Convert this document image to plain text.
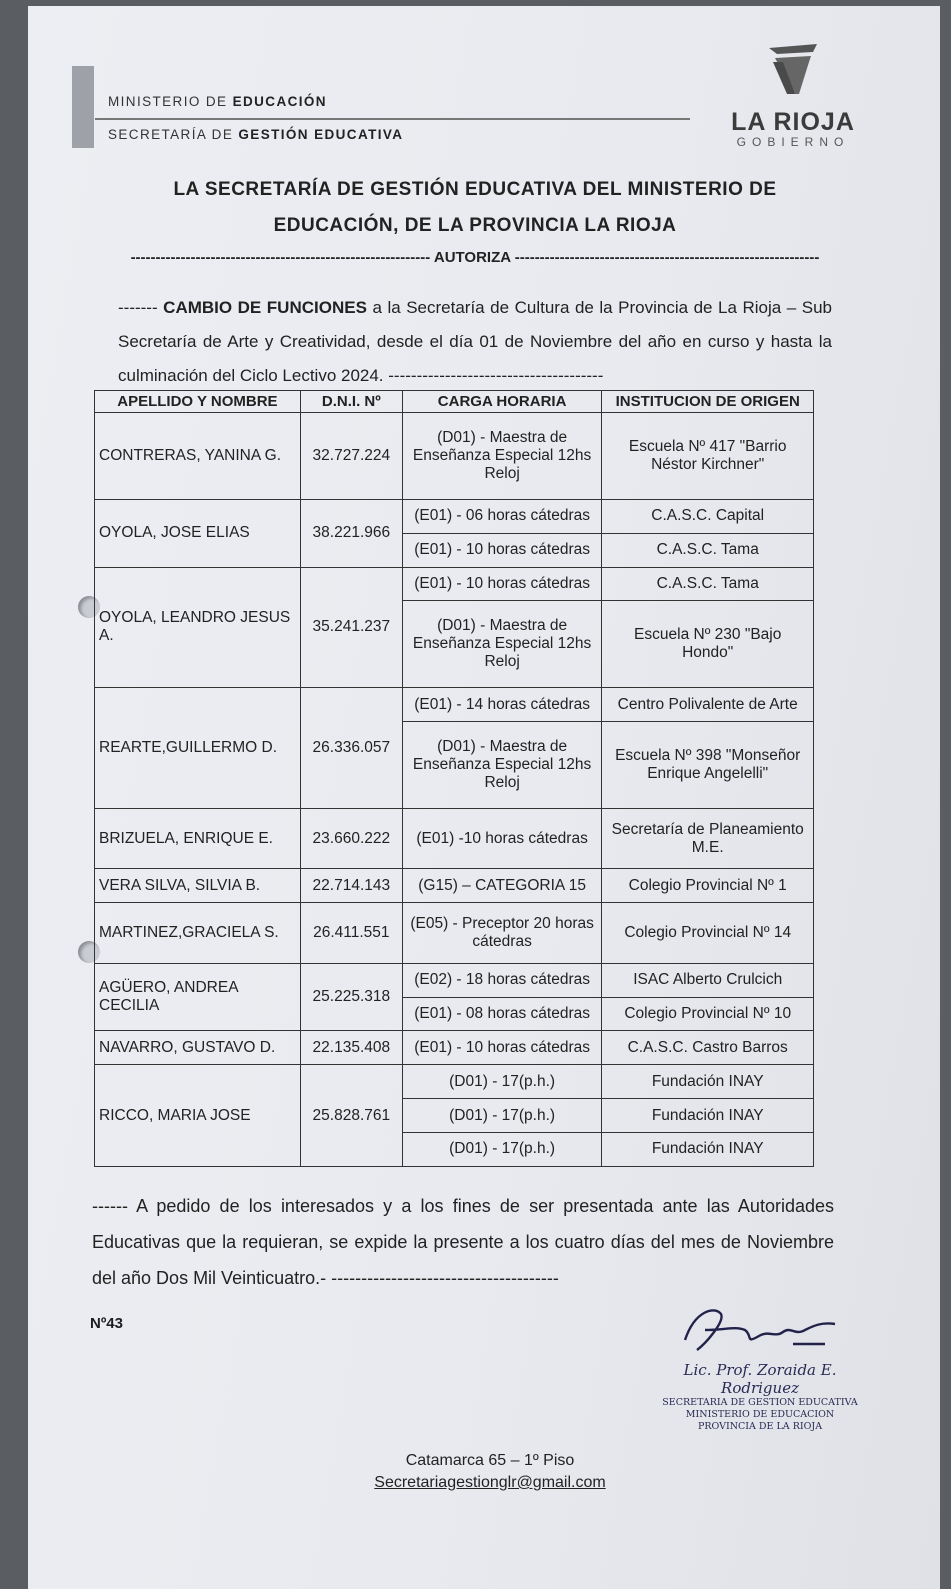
MINISTERIO DE EDUCACIÓN
SECRETARÍA DE GESTIÓN EDUCATIVA	LA RIOJA
GOBIERNO
LA SECRETARÍA DE GESTIÓN EDUCATIVA DEL MINISTERIO DE EDUCACIÓN, DE LA PROVINCIA LA RIOJA
------------------------------------------------------------ AUTORIZA -------------------------------------------------------------
------- CAMBIO DE FUNCIONES a la Secretaría de Cultura de la Provincia de La Rioja – Sub Secretaría de Arte y Creatividad, desde el día 01 de Noviembre del año en curso y hasta la culminación del Ciclo Lectivo 2024. --------------------------------------
APELLIDO Y NOMBRE	D.N.I. Nº	CARGA HORARIA	INSTITUCION DE ORIGEN
CONTRERAS, YANINA G.	32.727.224	(D01) - Maestra de Enseñanza Especial 12hs Reloj	Escuela Nº 417 "Barrio Néstor Kirchner"
OYOLA, JOSE ELIAS	38.221.966	(E01) - 06 horas cátedras	C.A.S.C. Capital
		(E01) - 10 horas cátedras	C.A.S.C. Tama
OYOLA, LEANDRO JESUS A.	35.241.237	(E01) - 10 horas cátedras	C.A.S.C. Tama
		(D01) - Maestra de Enseñanza Especial 12hs Reloj	Escuela Nº 230 "Bajo Hondo"
REARTE,GUILLERMO D.	26.336.057	(E01) - 14 horas cátedras	Centro Polivalente de Arte
		(D01) - Maestra de Enseñanza Especial 12hs Reloj	Escuela Nº 398 "Monseñor Enrique Angelelli"
BRIZUELA, ENRIQUE E.	23.660.222	(E01) -10 horas cátedras	Secretaría de Planeamiento M.E.
VERA SILVA, SILVIA B.	22.714.143	(G15) – CATEGORIA 15	Colegio Provincial Nº 1
MARTINEZ,GRACIELA S.	26.411.551	(E05) - Preceptor 20 horas cátedras	Colegio Provincial Nº 14
AGÜERO, ANDREA CECILIA	25.225.318	(E02) - 18 horas cátedras	ISAC Alberto Crulcich
		(E01) - 08 horas cátedras	Colegio Provincial Nº 10
NAVARRO, GUSTAVO D.	22.135.408	(E01) - 10 horas cátedras	C.A.S.C. Castro Barros
RICCO, MARIA JOSE	25.828.761	(D01) - 17(p.h.)	Fundación INAY
		(D01) - 17(p.h.)	Fundación INAY
		(D01) - 17(p.h.)	Fundación INAY
------ A pedido de los interesados y a los fines de ser presentada ante las Autoridades Educativas que la requieran, se expide la presente a los cuatro días del mes de Noviembre del año Dos Mil Veinticuatro.- --------------------------------------
Nº43
Lic. Prof. Zoraida E. Rodriguez
SECRETARIA DE GESTION EDUCATIVA
MINISTERIO DE EDUCACION
PROVINCIA DE LA RIOJA
Catamarca 65 – 1º Piso
Secretariagestionglr@gmail.com
